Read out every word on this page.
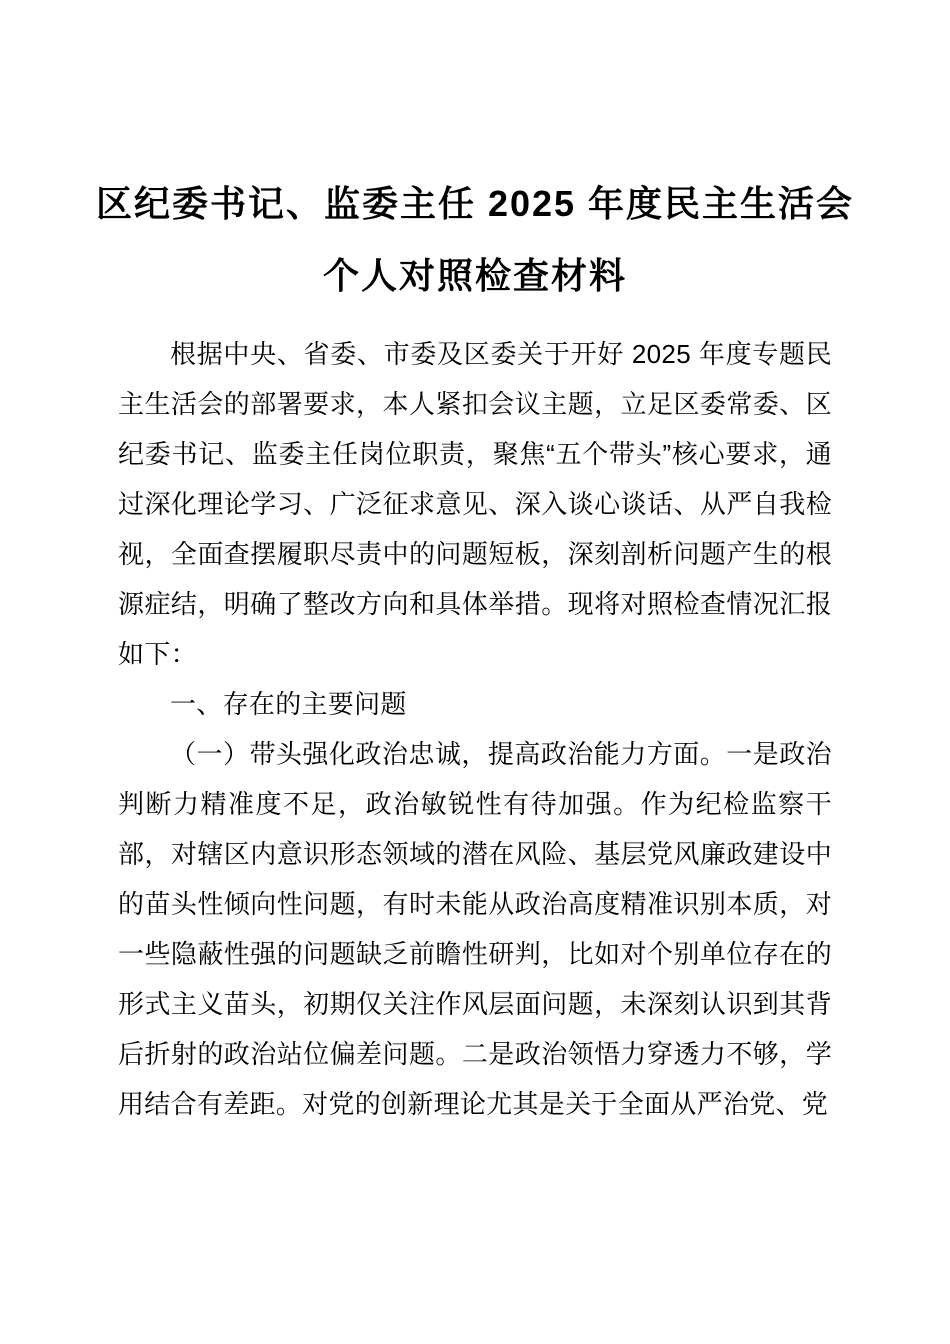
区纪委书记、监委主任 2025 年度民主生活会
个人对照检查材料

根据中央、省委、市委及区委关于开好 2025 年度专题民主生活会的部署要求，本人紧扣会议主题，立足区委常委、区纪委书记、监委主任岗位职责，聚焦“五个带头”核心要求，通过深化理论学习、广泛征求意见、深入谈心谈话、从严自我检视，全面查摆履职尽责中的问题短板，深刻剖析问题产生的根源症结，明确了整改方向和具体举措。现将对照检查情况汇报如下：

一、存在的主要问题

（一）带头强化政治忠诚，提高政治能力方面。一是政治判断力精准度不足，政治敏锐性有待加强。作为纪检监察干部，对辖区内意识形态领域的潜在风险、基层党风廉政建设中的苗头性倾向性问题，有时未能从政治高度精准识别本质，对一些隐蔽性强的问题缺乏前瞻性研判，比如对个别单位存在的形式主义苗头，初期仅关注作风层面问题，未深刻认识到其背后折射的政治站位偏差问题。二是政治领悟力穿透力不够，学用结合有差距。对党的创新理论尤其是关于全面从严治党、党
